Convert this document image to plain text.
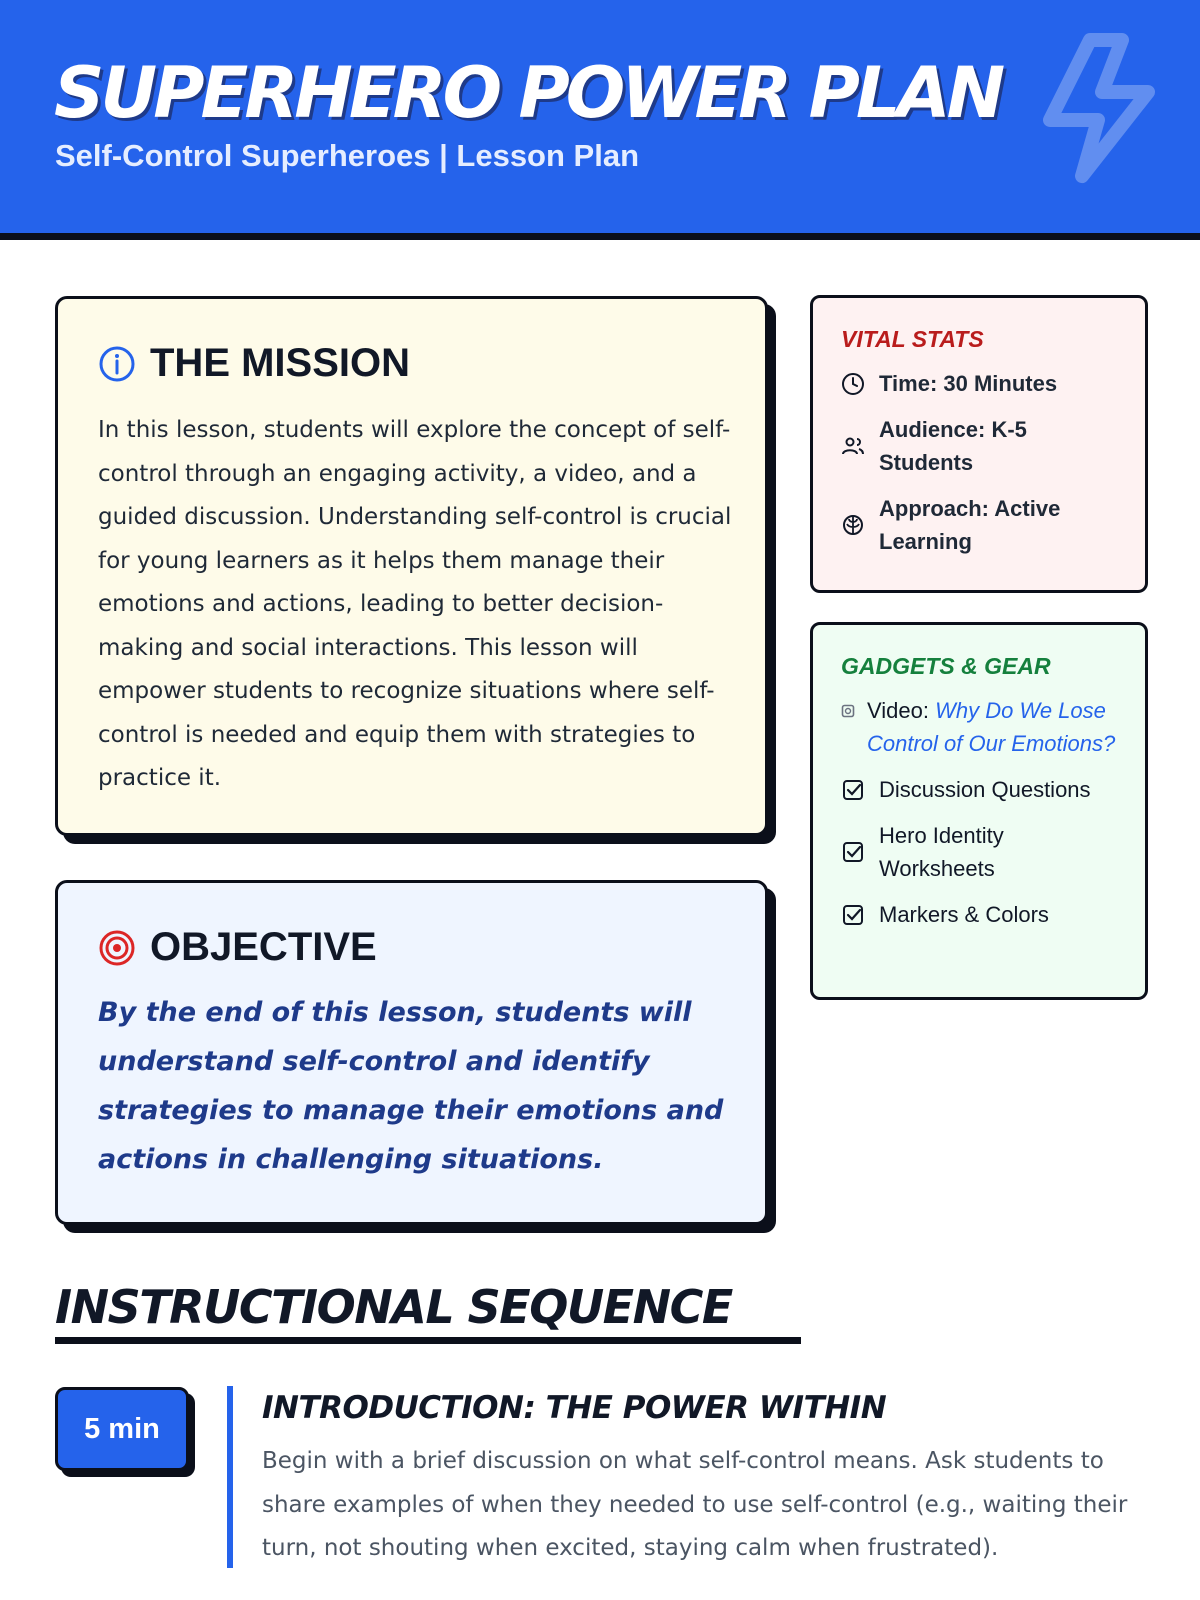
SUPERHERO POWER PLAN
Self-Control Superheroes | Lesson Plan
THE MISSION

In this lesson, students will explore the concept of self-control through an engaging activity, a video, and a guided discussion. Understanding self-control is crucial for young learners as it helps them manage their emotions and actions, leading to better decision-making and social interactions. This lesson will empower students to recognize situations where self-control is needed and equip them with strategies to practice it.

OBJECTIVE

By the end of this lesson, students will understand self-control and identify strategies to manage their emotions and actions in challenging situations.

VITAL STATS
Time: 30 Minutes
Audience: K-5 Students
Approach: Active Learning
GADGETS & GEAR
Video: Why Do We Lose Control of Our Emotions?
Discussion Questions
Hero Identity Worksheets
Markers & Colors
INSTRUCTIONAL SEQUENCE
5 min
INTRODUCTION: THE POWER WITHIN

Begin with a brief discussion on what self-control means. Ask students to share examples of when they needed to use self-control (e.g., waiting their turn, not shouting when excited, staying calm when frustrated).
